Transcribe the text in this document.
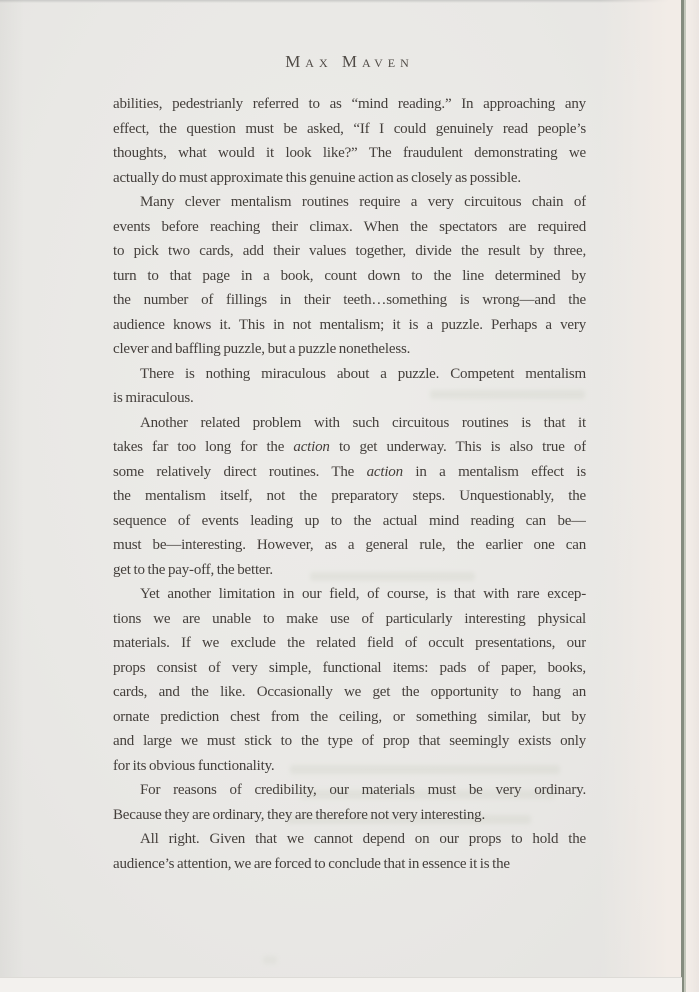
Max Maven
abilities, pedestrianly referred to as “mind reading.” In approaching any
effect, the question must be asked, “If I could genuinely read people’s
thoughts, what would it look like?” The fraudulent demonstrating we
actually do must approximate this genuine action as closely as possible.
Many clever mentalism routines require a very circuitous chain of
events before reaching their climax. When the spectators are required
to pick two cards, add their values together, divide the result by three,
turn to that page in a book, count down to the line determined by
the number of fillings in their teeth…something is wrong—and the
audience knows it. This in not mentalism; it is a puzzle. Perhaps a very
clever and baffling puzzle, but a puzzle nonetheless.
There is nothing miraculous about a puzzle. Competent mentalism
is miraculous.
Another related problem with such circuitous routines is that it
takes far too long for the action to get underway. This is also true of
some relatively direct routines. The action in a mentalism effect is
the mentalism itself, not the preparatory steps. Unquestionably, the
sequence of events leading up to the actual mind reading can be—
must be—interesting. However, as a general rule, the earlier one can
get to the pay-off, the better.
Yet another limitation in our field, of course, is that with rare excep-
tions we are unable to make use of particularly interesting physical
materials. If we exclude the related field of occult presentations, our
props consist of very simple, functional items: pads of paper, books,
cards, and the like. Occasionally we get the opportunity to hang an
ornate prediction chest from the ceiling, or something similar, but by
and large we must stick to the type of prop that seemingly exists only
for its obvious functionality.
For reasons of credibility, our materials must be very ordinary.
Because they are ordinary, they are therefore not very interesting.
All right. Given that we cannot depend on our props to hold the
audience’s attention, we are forced to conclude that in essence it is the
